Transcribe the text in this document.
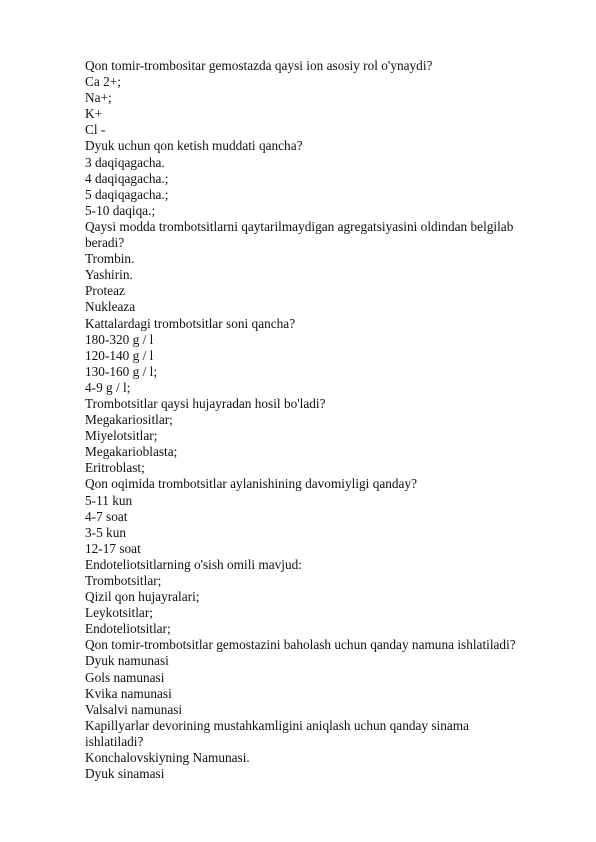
Qon tomir-trombositar gemostazda qaysi ion asosiy rol o'ynaydi?
Ca 2+;
Na+;
K+
Cl -
Dyuk uchun qon ketish muddati qancha?
3 daqiqagacha.
4 daqiqagacha.;
5 daqiqagacha.;
5-10 daqiqa.;
Qaysi modda trombotsitlarni qaytarilmaydigan agregatsiyasini oldindan belgilab
beradi?
Trombin.
Yashirin.
Proteaz
Nukleaza
Kattalardagi trombotsitlar soni qancha?
180-320 g / l
120-140 g / l
130-160 g / l;
4-9 g / l;
Trombotsitlar qaysi hujayradan hosil bo'ladi?
Megakariositlar;
Miyelotsitlar;
Megakarioblasta;
Eritroblast;
Qon oqimida trombotsitlar aylanishining davomiyligi qanday?
5-11 kun
4-7 soat
3-5 kun
12-17 soat
Endoteliotsitlarning o'sish omili mavjud:
Trombotsitlar;
Qizil qon hujayralari;
Leykotsitlar;
Endoteliotsitlar;
Qon tomir-trombotsitlar gemostazini baholash uchun qanday namuna ishlatiladi?
Dyuk namunasi
Gols namunasi
Kvika namunasi
Valsalvi namunasi
Kapillyarlar devorining mustahkamligini aniqlash uchun qanday sinama
ishlatiladi?
Konchalovskiyning Namunasi.
Dyuk sinamasi
